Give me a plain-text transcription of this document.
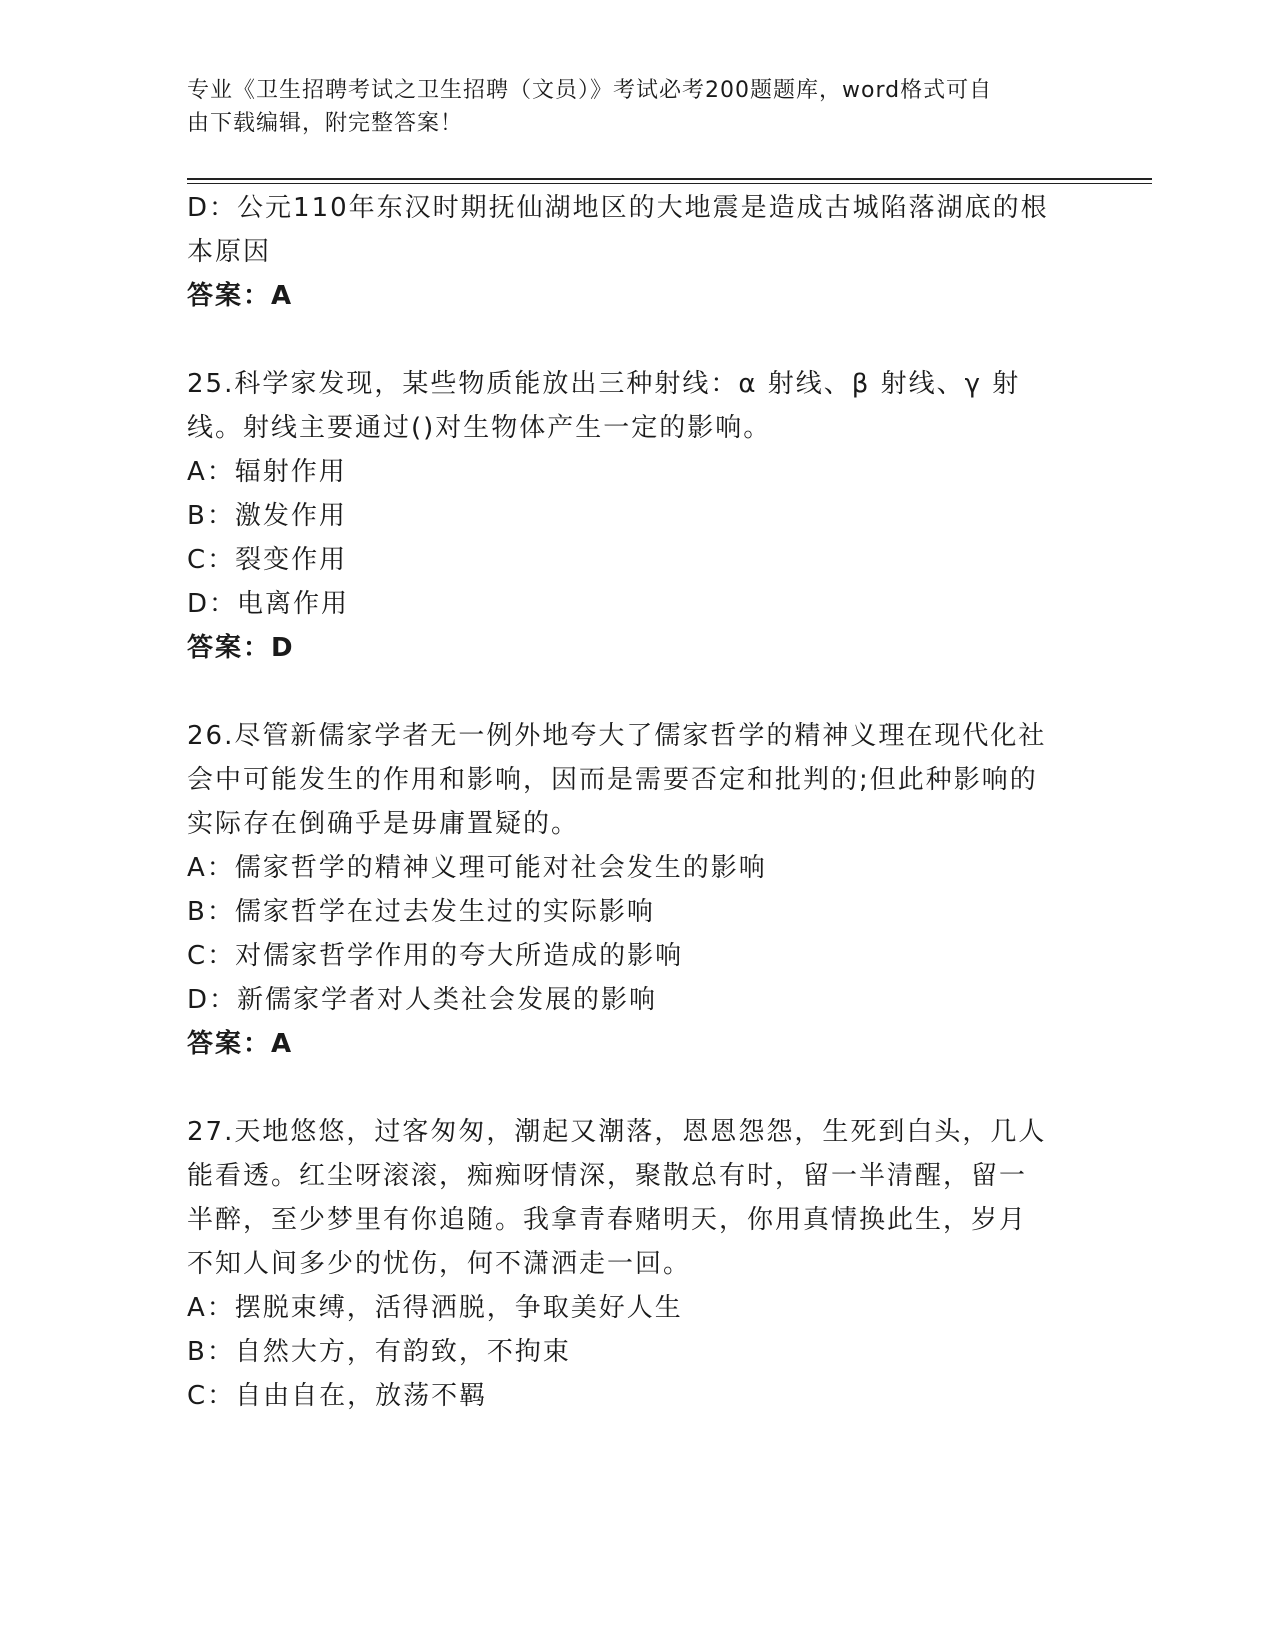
专业《卫生招聘考试之卫生招聘（文员）》考试必考200题题库，word格式可自
由下载编辑，附完整答案！
D：公元110年东汉时期抚仙湖地区的大地震是造成古城陷落湖底的根
本原因
答案：A
25.科学家发现，某些物质能放出三种射线：α 射线、β 射线、γ 射
线。射线主要通过()对生物体产生一定的影响。
A：辐射作用
B：激发作用
C：裂变作用
D：电离作用
答案：D
26.尽管新儒家学者无一例外地夸大了儒家哲学的精神义理在现代化社
会中可能发生的作用和影响，因而是需要否定和批判的;但此种影响的
实际存在倒确乎是毋庸置疑的。
A：儒家哲学的精神义理可能对社会发生的影响
B：儒家哲学在过去发生过的实际影响
C：对儒家哲学作用的夸大所造成的影响
D：新儒家学者对人类社会发展的影响
答案：A
27.天地悠悠，过客匆匆，潮起又潮落，恩恩怨怨，生死到白头，几人
能看透。红尘呀滚滚，痴痴呀情深，聚散总有时，留一半清醒，留一
半醉，至少梦里有你追随。我拿青春赌明天，你用真情换此生，岁月
不知人间多少的忧伤，何不潇洒走一回。
A：摆脱束缚，活得洒脱，争取美好人生
B：自然大方，有韵致，不拘束
C：自由自在，放荡不羁
